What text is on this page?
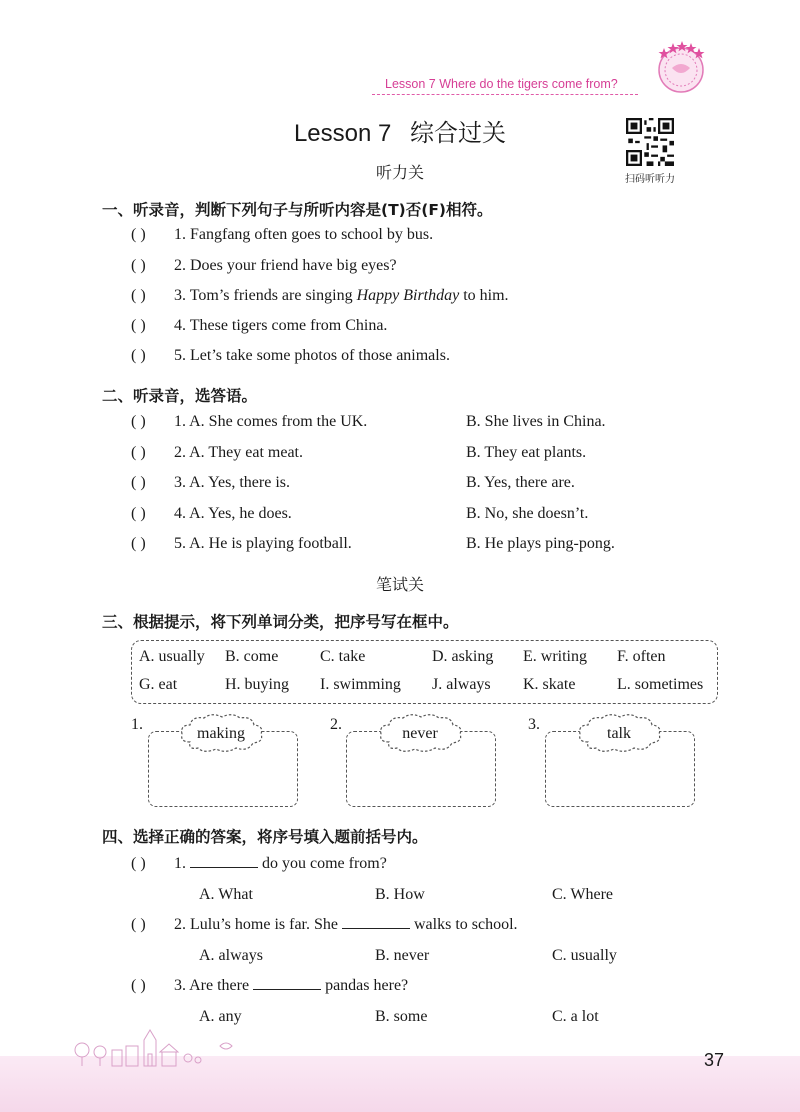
Lesson 7 Where do the tigers come from?
Lesson 7 综合过关
扫码听听力
听力关
一、听录音，判断下列句子与所听内容是(T)否(F)相符。
( ) 1. Fangfang often goes to school by bus.
( ) 2. Does your friend have big eyes?
( ) 3. Tom’s friends are singing Happy Birthday to him.
( ) 4. These tigers come from China.
( ) 5. Let’s take some photos of those animals.
二、听录音，选答语。
( ) 1. A. She comes from the UK.	B. She lives in China.
( ) 2. A. They eat meat.	B. They eat plants.
( ) 3. A. Yes, there is.	B. Yes, there are.
( ) 4. A. Yes, he does.	B. No, she doesn’t.
( ) 5. A. He is playing football.	B. He plays ping-pong.
笔试关
三、根据提示，将下列单词分类，把序号写在框中。
A. usually B. come	C. take	D. asking E. writing F. often
G. eat	H. buying I. swimming J. always K. skate	L. sometimes
1.
making
2.
never
3.
talk
四、选择正确的答案，将序号填入题前括号内。
( ) 1.	do you come from?
A. What	B. How	C. Where
( ) 2. Lulu’s home is far. She	walks to school.
A. always	B. never	C. usually
( ) 3. Are there	pandas here?
A. any	B. some	C. a lot
37
